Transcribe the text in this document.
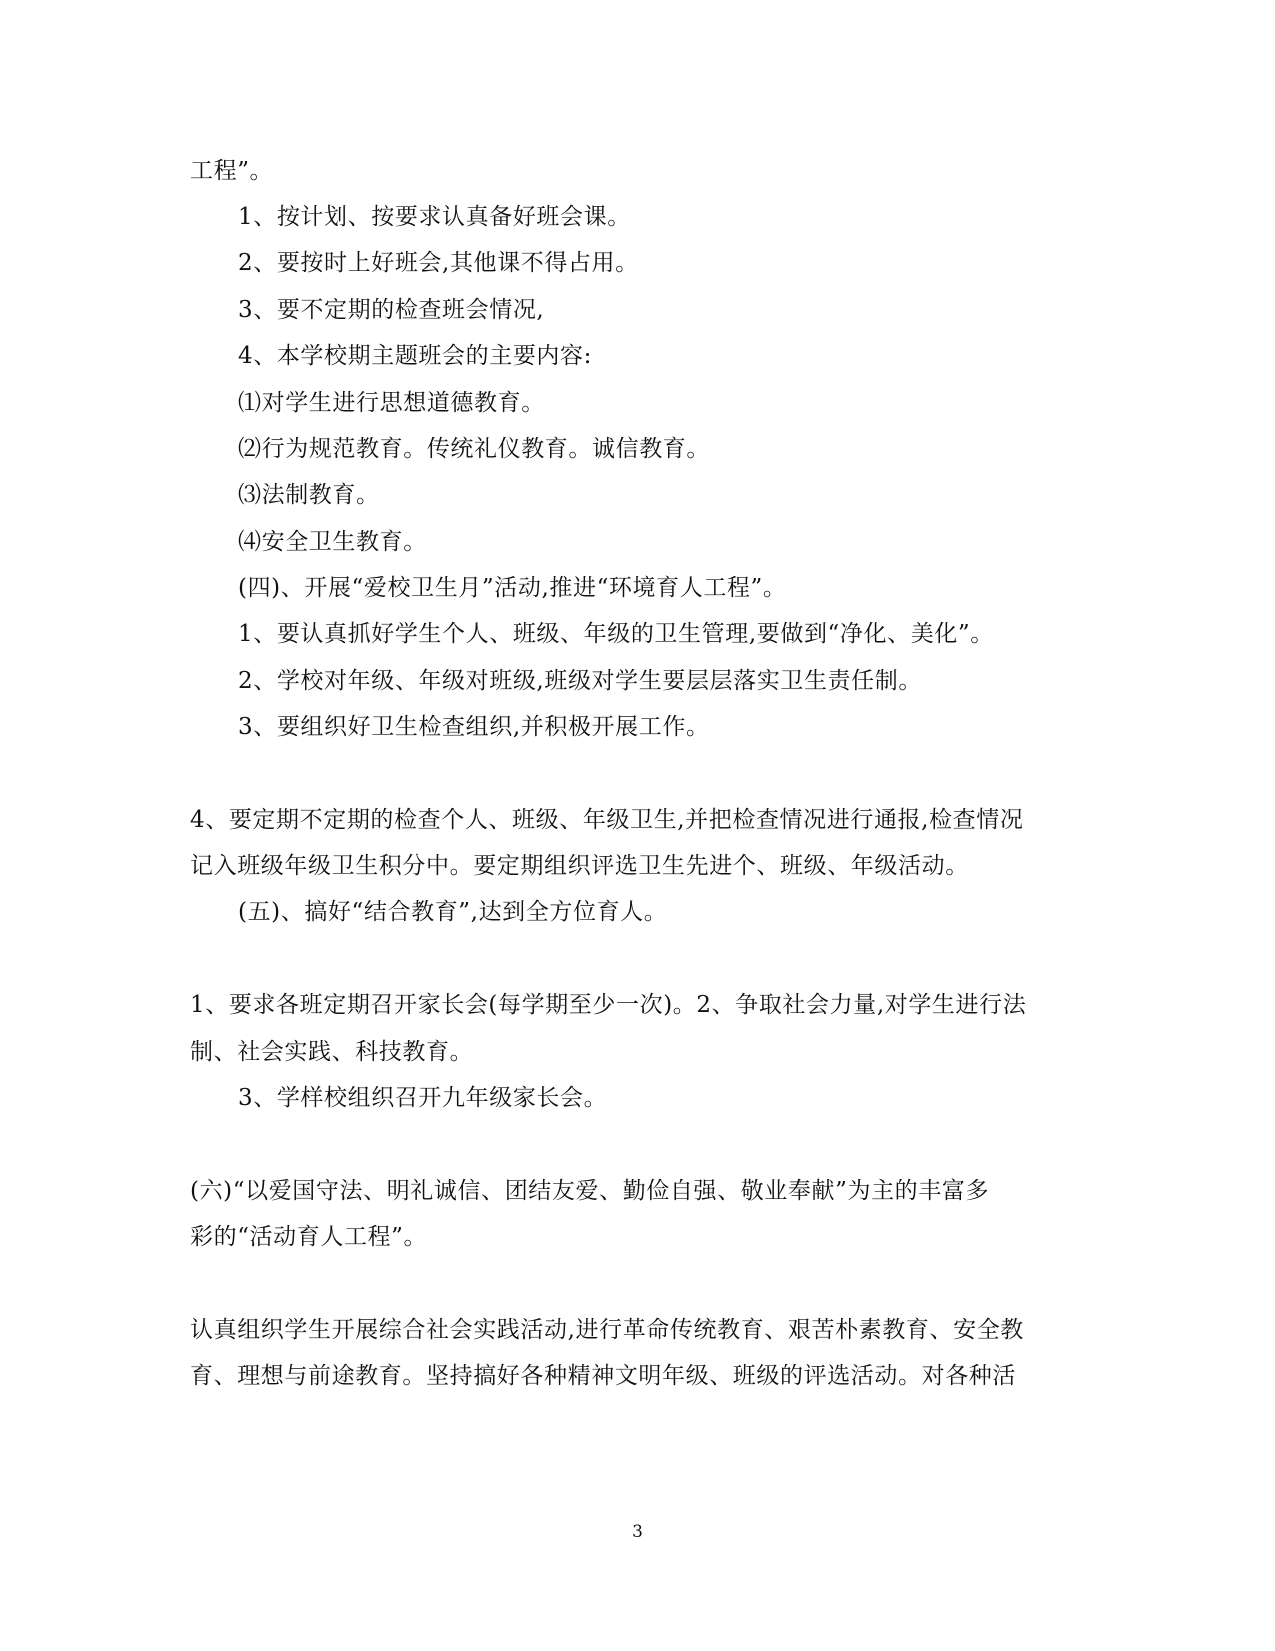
工程”。
1、按计划、按要求认真备好班会课。
2、要按时上好班会,其他课不得占用。
3、要不定期的检查班会情况,
4、本学校期主题班会的主要内容:
⑴对学生进行思想道德教育。
⑵行为规范教育。传统礼仪教育。诚信教育。
⑶法制教育。
⑷安全卫生教育。
(四)、开展“爱校卫生月”活动,推进“环境育人工程”。
1、要认真抓好学生个人、班级、年级的卫生管理,要做到“净化、美化”。
2、学校对年级、年级对班级,班级对学生要层层落实卫生责任制。
3、要组织好卫生检查组织,并积极开展工作。
4、要定期不定期的检查个人、班级、年级卫生,并把检查情况进行通报,检查情况
记入班级年级卫生积分中。要定期组织评选卫生先进个、班级、年级活动。
(五)、搞好“结合教育”,达到全方位育人。
1、要求各班定期召开家长会(每学期至少一次)。2、争取社会力量,对学生进行法
制、社会实践、科技教育。
3、学样校组织召开九年级家长会。
(六)“以爱国守法、明礼诚信、团结友爱、勤俭自强、敬业奉献”为主的丰富多
彩的“活动育人工程”。
认真组织学生开展综合社会实践活动,进行革命传统教育、艰苦朴素教育、安全教
育、理想与前途教育。坚持搞好各种精神文明年级、班级的评选活动。对各种活
3
